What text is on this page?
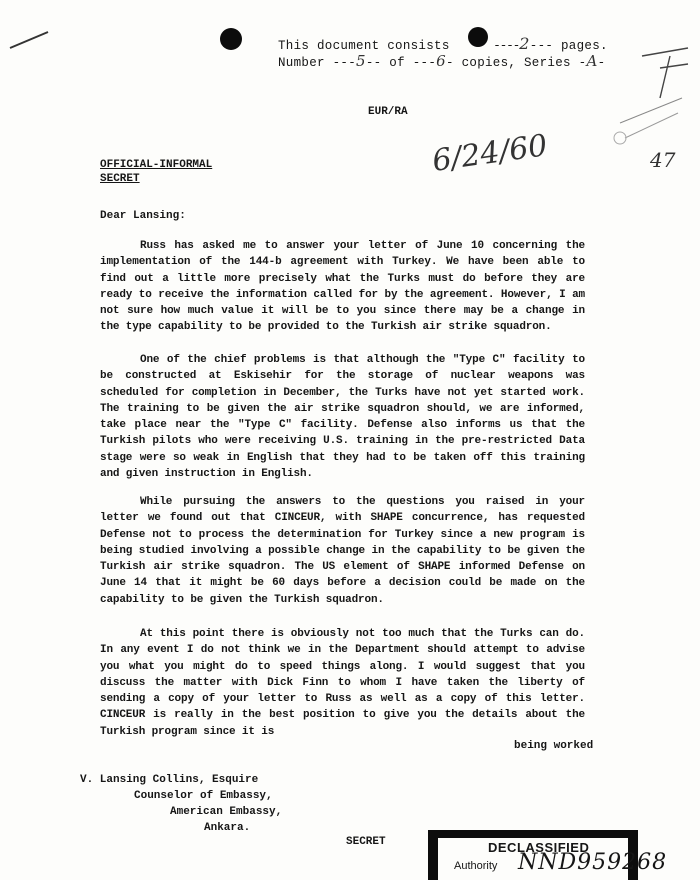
This document consists	----2--- pages.
Number ---5-- of ---6- copies, Series -A-
EUR/RA
6/24/60	47
OFFICIAL-INFORMAL
SECRET
Dear Lansing:

Russ has asked me to answer your letter of June 10 concerning the implementation of the 144-b agreement with Turkey. We have been able to find out a little more precisely what the Turks must do before they are ready to receive the information called for by the agreement. However, I am not sure how much value it will be to you since there may be a change in the type capability to be provided to the Turkish air strike squadron.

One of the chief problems is that although the "Type C" facility to be constructed at Eskisehir for the storage of nuclear weapons was scheduled for completion in December, the Turks have not yet started work. The training to be given the air strike squadron should, we are informed, take place near the "Type C" facility. Defense also informs us that the Turkish pilots who were receiving U.S. training in the pre-restricted Data stage were so weak in English that they had to be taken off this training and given instruction in English.

While pursuing the answers to the questions you raised in your letter we found out that CINCEUR, with SHAPE concurrence, has requested Defense not to process the determination for Turkey since a new program is being studied involving a possible change in the capability to be given the Turkish air strike squadron. The US element of SHAPE informed Defense on June 14 that it might be 60 days before a decision could be made on the capability to be given the Turkish squadron.

At this point there is obviously not too much that the Turks can do. In any event I do not think we in the Department should attempt to advise you what you might do to speed things along. I would suggest that you discuss the matter with Dick Finn to whom I have taken the liberty of sending a copy of your letter to Russ as well as a copy of this letter. CINCEUR is really in the best position to give you the details about the Turkish program since it is

being worked
V. Lansing Collins, Esquire
Counselor of Embassy,
American Embassy,
Ankara.
SECRET	DECLASSIFIED
Authority NND959268
